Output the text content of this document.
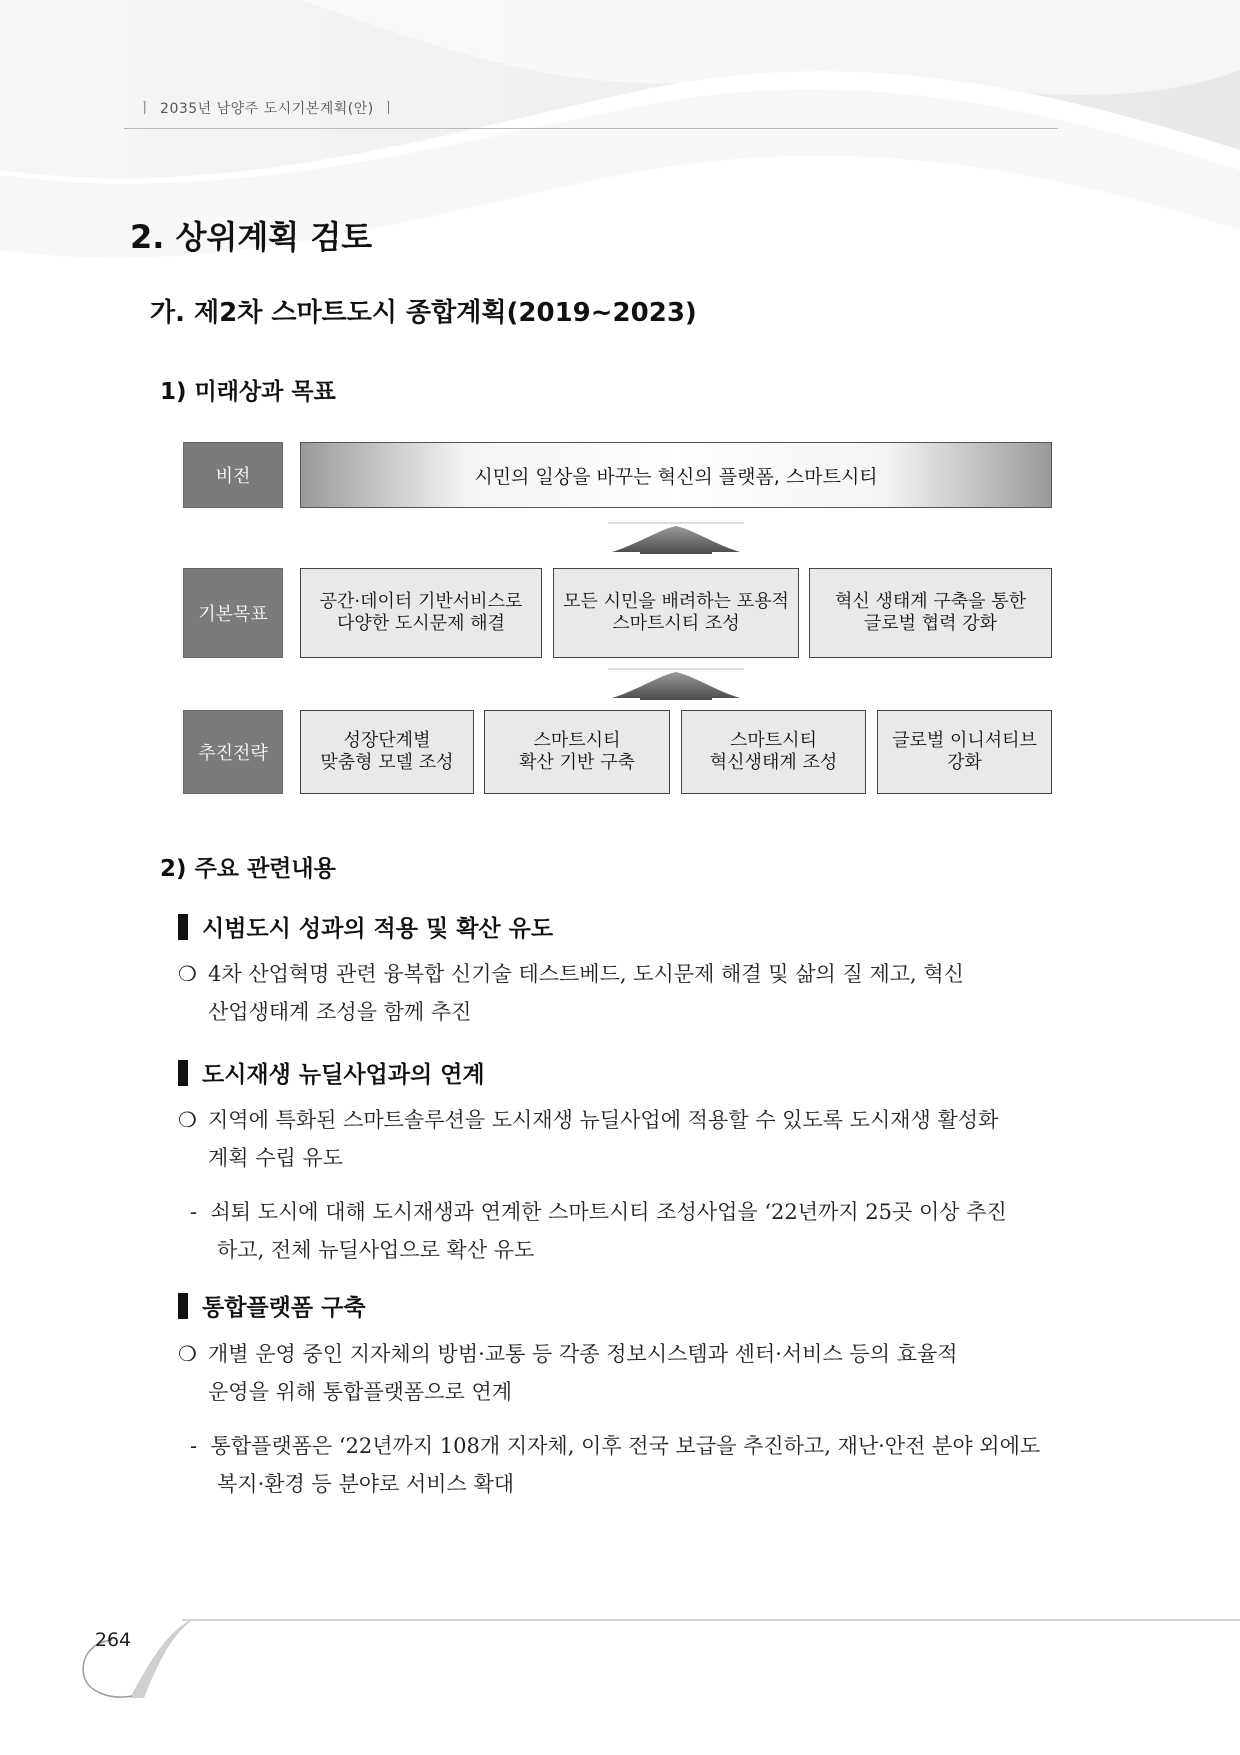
ㅣ 2035년 남양주 도시기본계획(안) ㅣ
2. 상위계획 검토
가. 제2차 스마트도시 종합계획(2019~2023)
1) 미래상과 목표
비전	시민의 일상을 바꾸는 혁신의 플랫폼, 스마트시티
기본목표
공간·데이터 기반서비스로
다양한 도시문제 해결
모든 시민을 배려하는 포용적
스마트시티 조성
혁신 생태계 구축을 통한
글로벌 협력 강화
추진전략
성장단계별
맞춤형 모델 조성
스마트시티
확산 기반 구축
스마트시티
혁신생태계 조성
글로벌 이니셔티브
강화
2) 주요 관련내용
시범도시 성과의 적용 및 확산 유도
❍ 4차 산업혁명 관련 융복합 신기술 테스트베드, 도시문제 해결 및 삶의 질 제고, 혁신
산업생태계 조성을 함께 추진
도시재생 뉴딜사업과의 연계
❍ 지역에 특화된 스마트솔루션을 도시재생 뉴딜사업에 적용할 수 있도록 도시재생 활성화
계획 수립 유도
- 쇠퇴 도시에 대해 도시재생과 연계한 스마트시티 조성사업을 ‘22년까지 25곳 이상 추진
하고, 전체 뉴딜사업으로 확산 유도
통합플랫폼 구축
❍ 개별 운영 중인 지자체의 방범·교통 등 각종 정보시스템과 센터·서비스 등의 효율적
운영을 위해 통합플랫폼으로 연계
- 통합플랫폼은 ‘22년까지 108개 지자체, 이후 전국 보급을 추진하고, 재난·안전 분야 외에도
복지·환경 등 분야로 서비스 확대
264
